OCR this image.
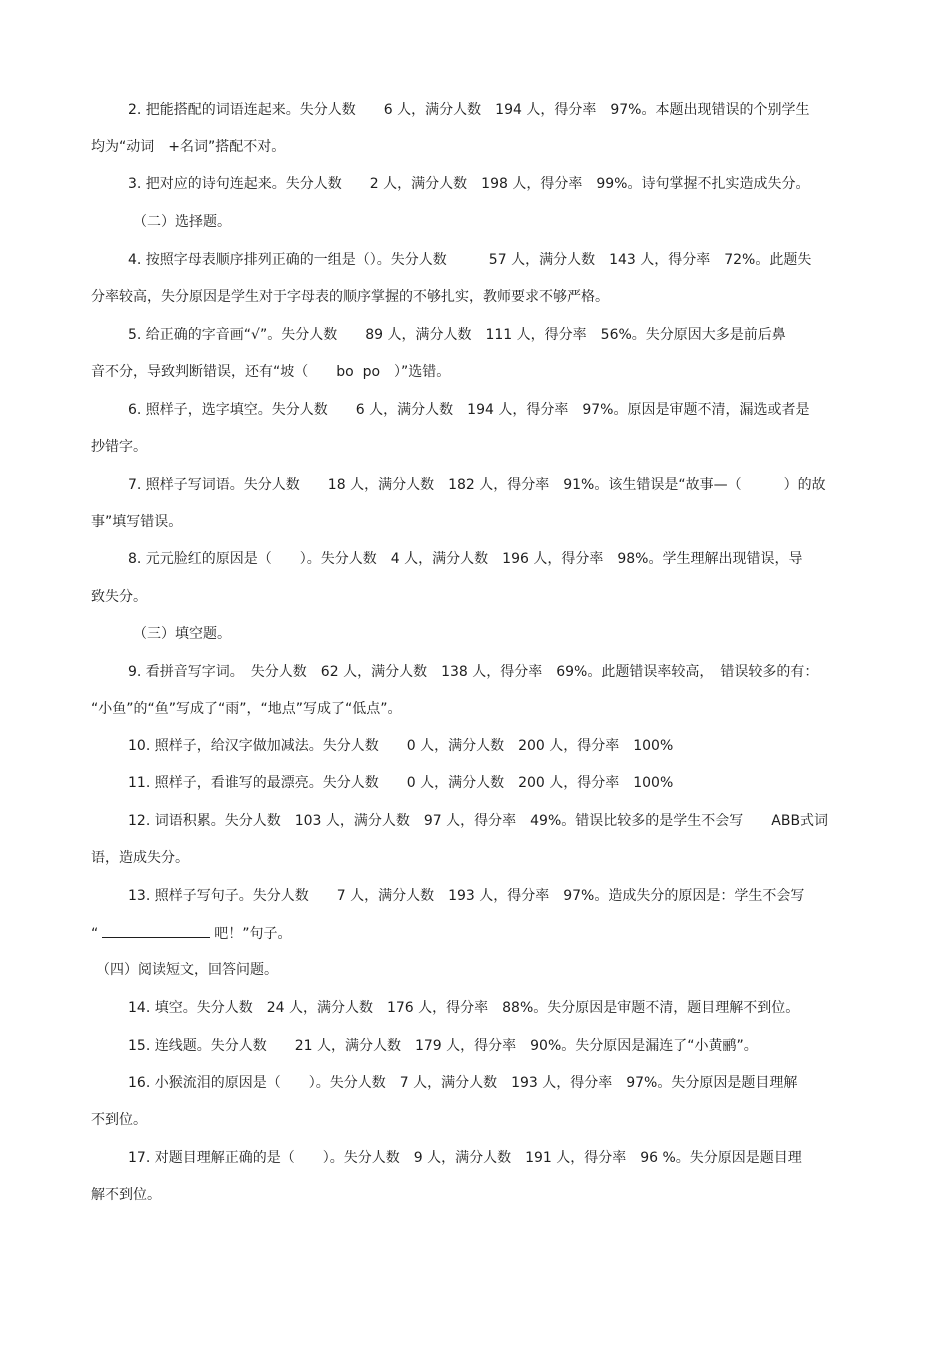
2. 把能搭配的词语连起来。失分人数　　6 人，满分人数　194 人，得分率　97%。本题出现错误的个别学生
均为“动词　+名词”搭配不对。
3. 把对应的诗句连起来。失分人数　　2 人，满分人数　198 人，得分率　99%。诗句掌握不扎实造成失分。
（二）选择题。
4. 按照字母表顺序排列正确的一组是（）。失分人数　　　57 人，满分人数　143 人，得分率　72%。此题失
分率较高，失分原因是学生对于字母表的顺序掌握的不够扎实，教师要求不够严格。
5. 给正确的字音画“√”。失分人数　　89 人，满分人数　111 人，得分率　56%。失分原因大多是前后鼻
音不分，导致判断错误，还有“坡（　　bo  po　）”选错。
6. 照样子，选字填空。失分人数　　6 人，满分人数　194 人，得分率　97%。原因是审题不清，漏选或者是
抄错字。
7. 照样子写词语。失分人数　　18 人，满分人数　182 人，得分率　91%。该生错误是“故事—（　　　）的故
事”填写错误。
8. 元元脸红的原因是（　　）。失分人数　4 人，满分人数　196 人，得分率　98%。学生理解出现错误，导
致失分。
（三）填空题。
9. 看拼音写字词。　失分人数　62 人，满分人数　138 人，得分率　69%。此题错误率较高，　错误较多的有：
“小鱼”的“鱼”写成了“雨”，“地点”写成了“低点”。
10. 照样子，给汉字做加减法。失分人数　　0 人，满分人数　200 人，得分率　100%
11. 照样子，看谁写的最漂亮。失分人数　　0 人，满分人数　200 人，得分率　100%
12. 词语积累。失分人数　103 人，满分人数　97 人，得分率　49%。错误比较多的是学生不会写　　ABB式词
语，造成失分。
13. 照样子写句子。失分人数　　7 人，满分人数　193 人，得分率　97%。造成失分的原因是：学生不会写
“	吧！”句子。
（四）阅读短文，回答问题。
14. 填空。失分人数　24 人，满分人数　176 人，得分率　88%。失分原因是审题不清，题目理解不到位。
15. 连线题。失分人数　　21 人，满分人数　179 人，得分率　90%。失分原因是漏连了“小黄鹂”。
16. 小猴流泪的原因是（　　）。失分人数　7 人，满分人数　193 人，得分率　97%。失分原因是题目理解
不到位。
17. 对题目理解正确的是（　　）。失分人数　9 人，满分人数　191 人，得分率　96 %。失分原因是题目理
解不到位。
